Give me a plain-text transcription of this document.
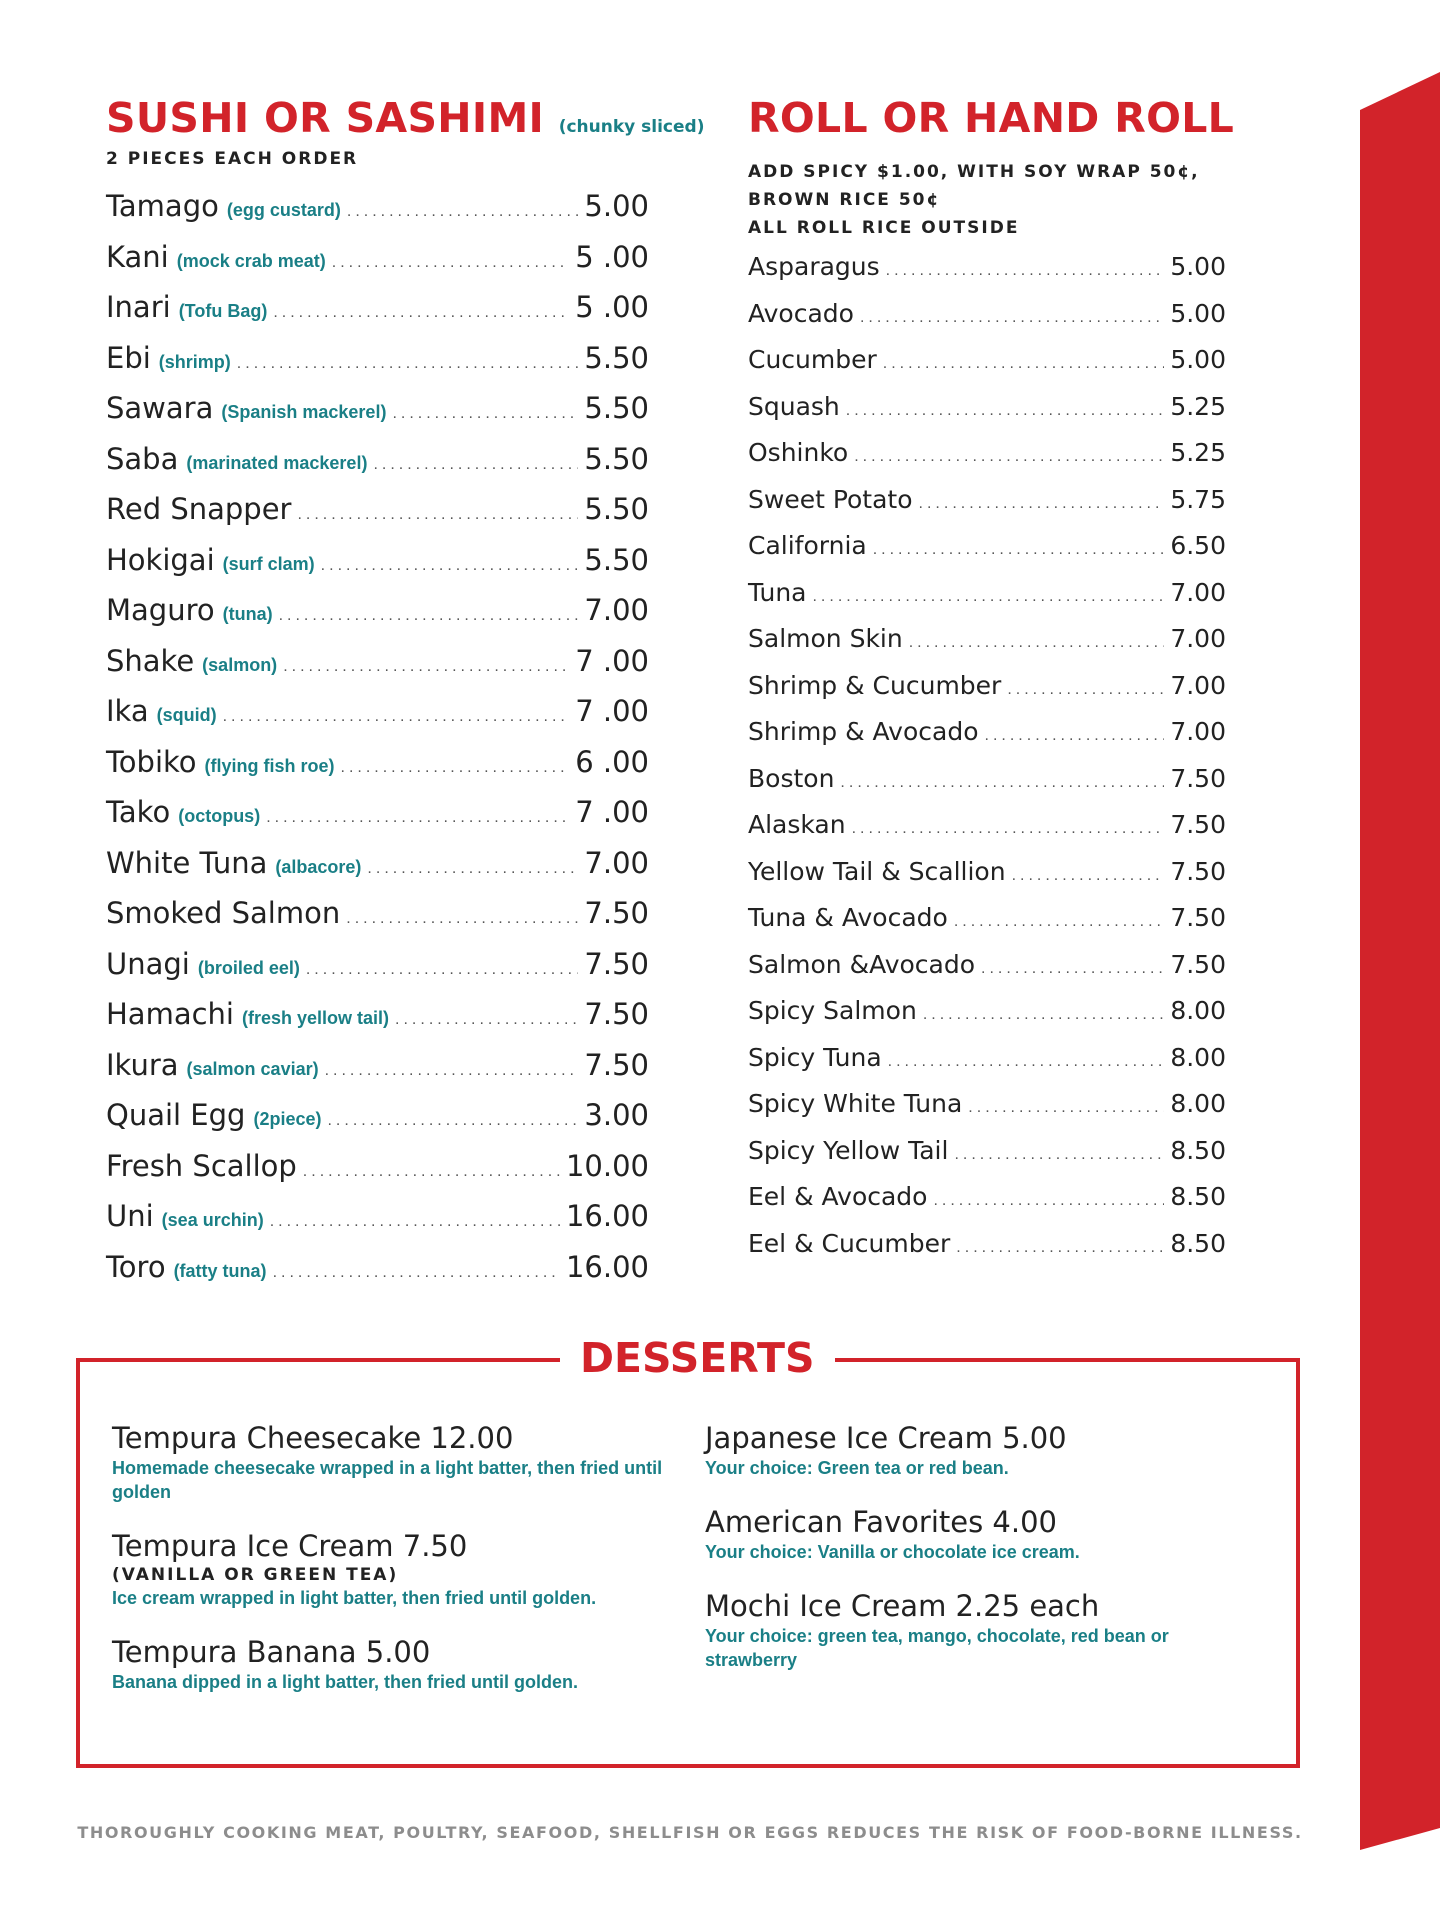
SUSHI OR SASHIMI (chunky sliced)
2 PIECES EACH ORDER
Tamago (egg custard) .....	5.00
Kani (mock crab meat) .....	5 .00
Inari (Tofu Bag) .....	5 .00
Ebi (shrimp) .....	5.50
Sawara (Spanish mackerel) .....	5.50
Saba (marinated mackerel) .....	5.50
Red Snapper .....	5.50
Hokigai (surf clam) .....	5.50
Maguro (tuna) .....	7.00
Shake (salmon) .....	7 .00
Ika (squid) .....	7 .00
Tobiko (flying fish roe) .....	6 .00
Tako (octopus) .....	7 .00
White Tuna (albacore) .....	7.00
Smoked Salmon .....	7.50
Unagi (broiled eel) .....	7.50
Hamachi (fresh yellow tail) .....	7.50
Ikura (salmon caviar) .....	7.50
Quail Egg (2piece) .....	3.00
Fresh Scallop .....	10.00
Uni (sea urchin) .....	16.00
Toro (fatty tuna) .....	16.00
ROLL OR HAND ROLL
ADD SPICY $1.00, WITH SOY WRAP 50¢,
BROWN RICE 50¢
ALL ROLL RICE OUTSIDE
Asparagus .....	5.00
Avocado .....	5.00
Cucumber .....	5.00
Squash .....	5.25
Oshinko .....	5.25
Sweet Potato .....	5.75
California .....	6.50
Tuna .....	7.00
Salmon Skin .....	7.00
Shrimp & Cucumber .....	7.00
Shrimp & Avocado .....	7.00
Boston .....	7.50
Alaskan .....	7.50
Yellow Tail & Scallion .....	7.50
Tuna & Avocado .....	7.50
Salmon &Avocado .....	7.50
Spicy Salmon .....	8.00
Spicy Tuna .....	8.00
Spicy White Tuna .....	8.00
Spicy Yellow Tail .....	8.50
Eel & Avocado .....	8.50
Eel & Cucumber .....	8.50
DESSERTS
Tempura Cheesecake 12.00
Homemade cheesecake wrapped in a light batter, then fried until golden
Tempura Ice Cream 7.50
(VANILLA OR GREEN TEA)
Ice cream wrapped in light batter, then fried until golden.
Tempura Banana 5.00
Banana dipped in a light batter, then fried until golden.
Japanese Ice Cream 5.00
Your choice: Green tea or red bean.
American Favorites 4.00
Your choice: Vanilla or chocolate ice cream.
Mochi Ice Cream 2.25 each
Your choice: green tea, mango, chocolate, red bean or strawberry
THOROUGHLY COOKING MEAT, POULTRY, SEAFOOD, SHELLFISH OR EGGS REDUCES THE RISK OF FOOD-BORNE ILLNESS.
